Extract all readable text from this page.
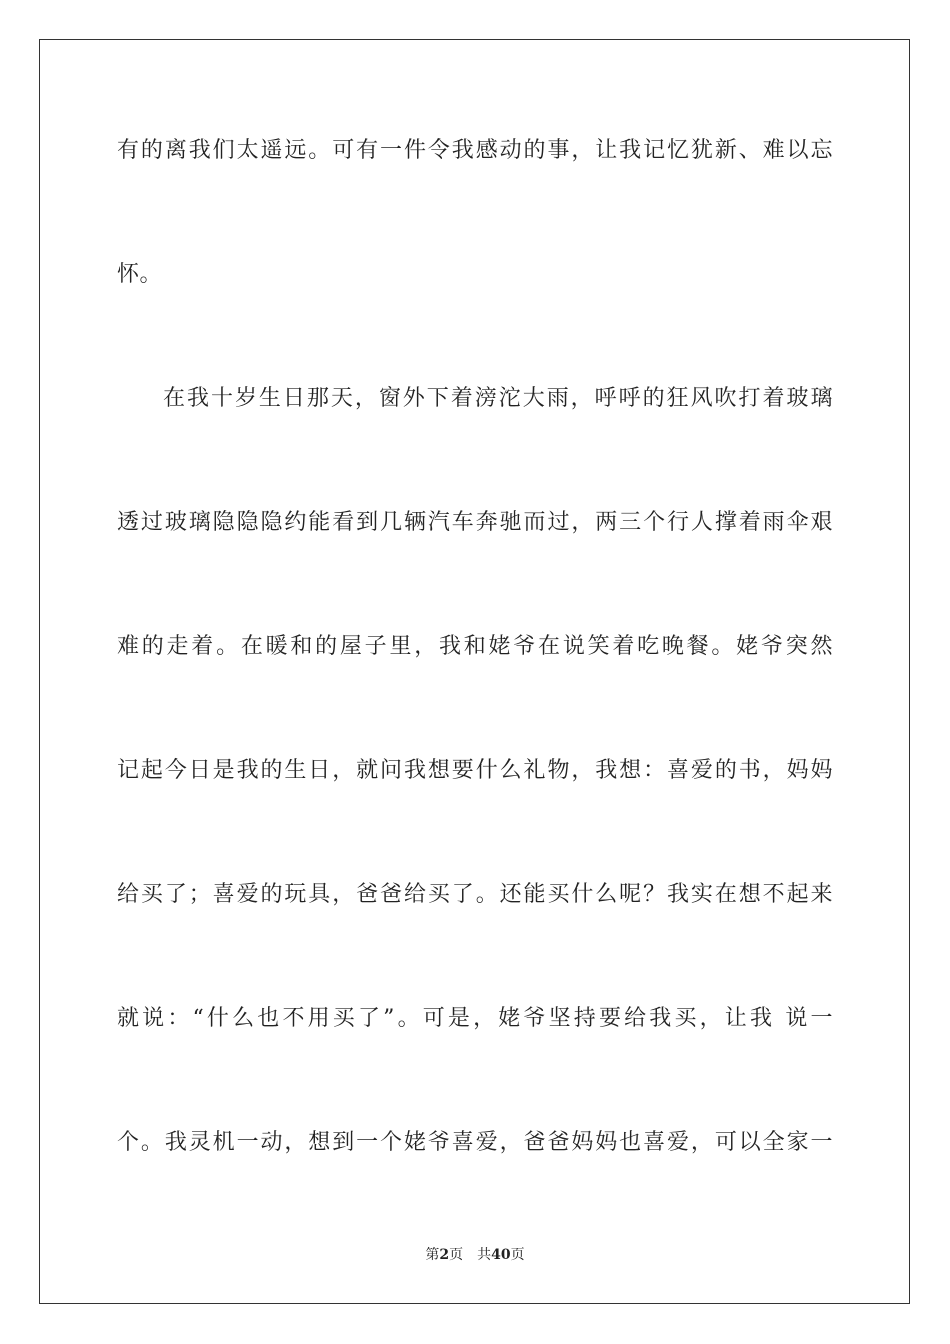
有的离我们太遥远。可有一件令我感动的事，让我记忆犹新、难以忘
怀。
在我十岁生日那天，窗外下着滂沱大雨，呼呼的狂风吹打着玻璃
透过玻璃隐隐隐约能看到几辆汽车奔驰而过，两三个行人撑着雨伞艰
难的走着。在暖和的屋子里，我和姥爷在说笑着吃晚餐。姥爷突然
记起今日是我的生日，就问我想要什么礼物，我想：喜爱的书，妈妈
给买了；喜爱的玩具，爸爸给买了。还能买什么呢？我实在想不起来
就说：“什么也不用买了”。可是，姥爷坚持要给我买，让我 说一
个。我灵机一动，想到一个姥爷喜爱，爸爸妈妈也喜爱，可以全家一
第2页 共40页
